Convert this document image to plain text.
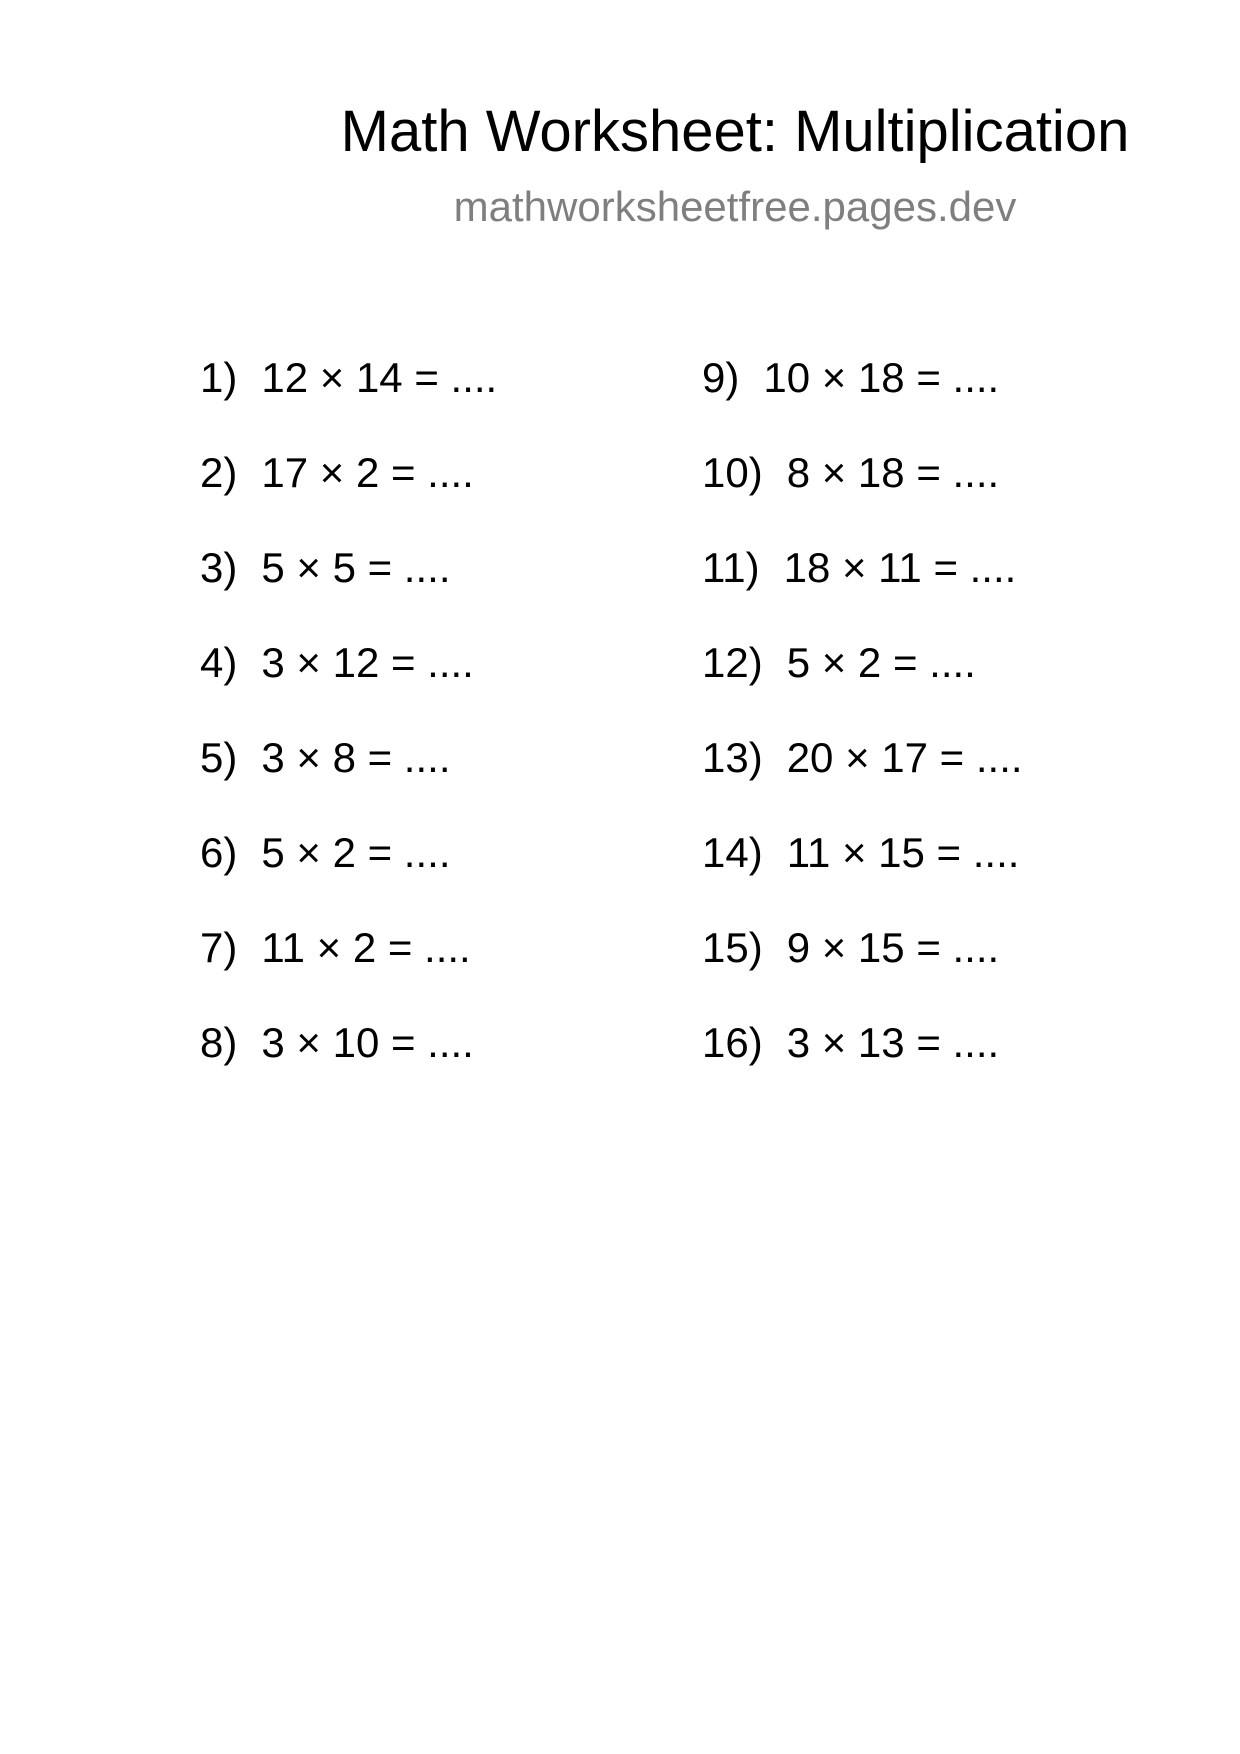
Math Worksheet: Multiplication
mathworksheetfree.pages.dev
1) 12 × 14 = ....
2) 17 × 2 = ....
3) 5 × 5 = ....
4) 3 × 12 = ....
5) 3 × 8 = ....
6) 5 × 2 = ....
7) 11 × 2 = ....
8) 3 × 10 = ....
9) 10 × 18 = ....
10) 8 × 18 = ....
11) 18 × 11 = ....
12) 5 × 2 = ....
13) 20 × 17 = ....
14) 11 × 15 = ....
15) 9 × 15 = ....
16) 3 × 13 = ....
